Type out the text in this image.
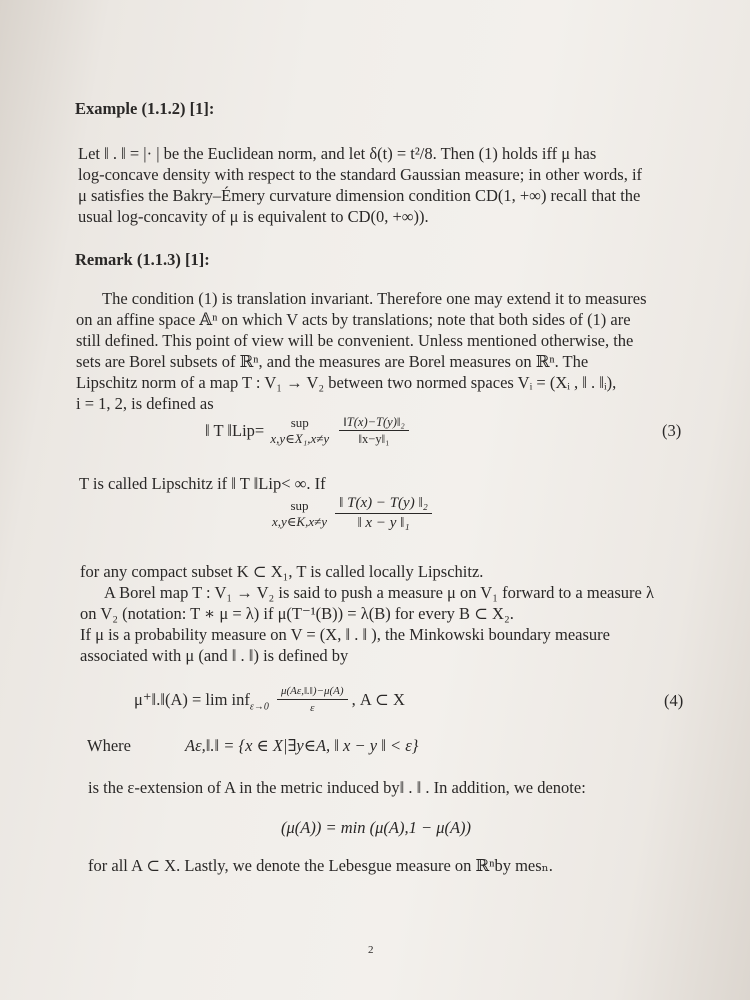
Example (1.1.2) [1]:
Let ‖ . ‖ = |· | be the Euclidean norm, and let δ(t) = t²/8. Then (1) holds iff μ has
log-concave density with respect to the standard Gaussian measure; in other words, if
μ satisfies the Bakry–Émery curvature dimension condition CD(1, +∞) recall that the
usual log-concavity of μ is equivalent to CD(0, +∞)).
Remark (1.1.3) [1]:
The condition (1) is translation invariant. Therefore one may extend it to measures
on an affine space 𝔸ⁿ on which V acts by translations; note that both sides of (1) are
still defined. This point of view will be convenient. Unless mentioned otherwise, the
sets are Borel subsets of ℝⁿ, and the measures are Borel measures on ℝⁿ. The
Lipschitz norm of a map T : V₁ → V₂ between two normed spaces Vᵢ = (Xᵢ , ‖ . ‖ᵢ),
i = 1, 2, is defined as
‖ T ‖Lip=	sup
x,y∈X₁,x≠y
$\frac{\text{‖T(x)−T(y)‖₂}}{\text{‖x−y‖₁}}$	(3)
T is called Lipschitz if ‖ T ‖Lip< ∞. If
sup
x,y∈K,x≠y
$\frac{\text{‖ T(x) − T(y) ‖₂}}{\text{‖ x − y ‖₁}}$
for any compact subset K ⊂ X₁, T is called locally Lipschitz.
A Borel map T : V₁ → V₂ is said to push a measure μ on V₁ forward to a measure λ
on V₂ (notation: T ∗ μ = λ) if μ(T⁻¹(B)) = λ(B) for every B ⊂ X₂.
If μ is a probability measure on V = (X, ‖ . ‖ ), the Minkowski boundary measure
associated with μ (and ‖ . ‖) is defined by
μ⁺‖.‖(A) = $\lim inf_{\varepsilon\to 0} \frac{\mu(A\varepsilon,‖.‖)-\mu(A)}{\varepsilon}$ , A ⊂ X	(4)
Where	Aε,‖.‖ = {x ∈ X|∃y∈A, ‖ x − y ‖ < ε}
is the ε-extension of A in the metric induced by‖ . ‖ . In addition, we denote:
(μ(A)) = min (μ(A),1 − μ(A))
for all A ⊂ X. Lastly, we denote the Lebesgue measure on ℝⁿby mesₙ.
2
